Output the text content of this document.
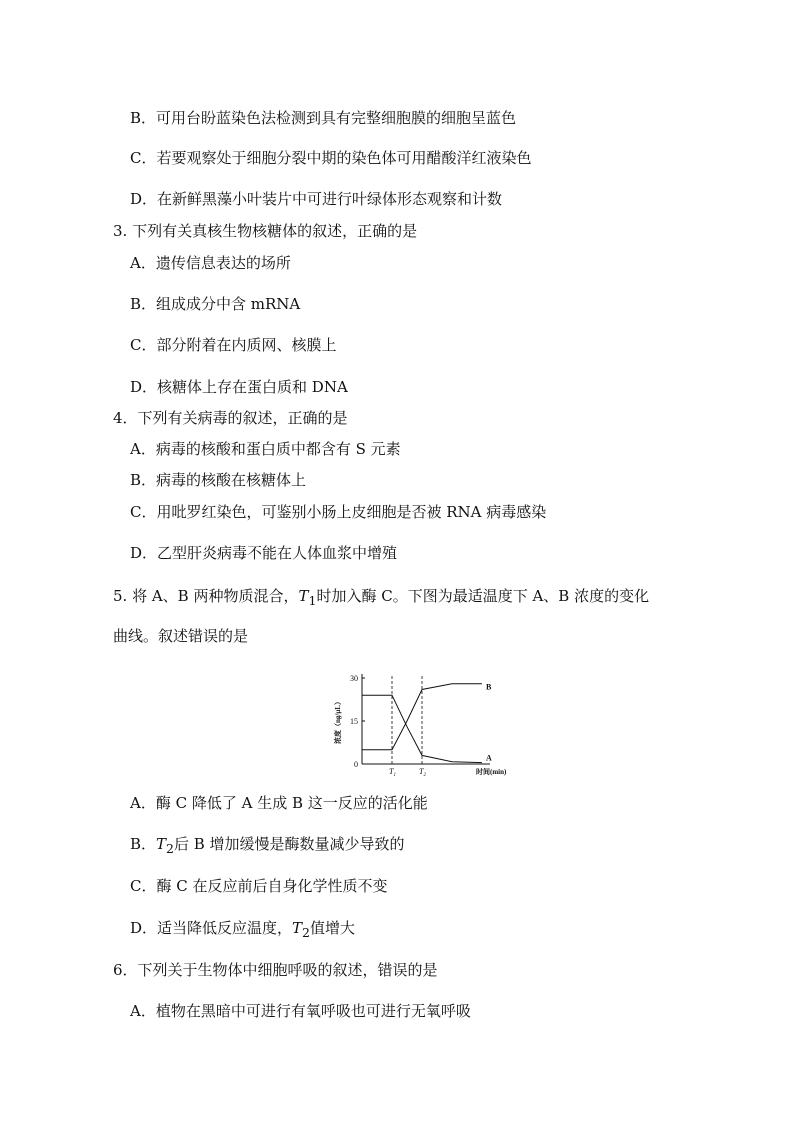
B．可用台盼蓝染色法检测到具有完整细胞膜的细胞呈蓝色
C．若要观察处于细胞分裂中期的染色体可用醋酸洋红液染色
D．在新鲜黑藻小叶装片中可进行叶绿体形态观察和计数
3. 下列有关真核生物核糖体的叙述，正确的是
A．遗传信息表达的场所
B．组成成分中含 mRNA
C．部分附着在内质网、核膜上
D．核糖体上存在蛋白质和 DNA
4．下列有关病毒的叙述，正确的是
A．病毒的核酸和蛋白质中都含有 S 元素
B．病毒的核酸在核糖体上
C．用吡罗红染色，可鉴别小肠上皮细胞是否被 RNA 病毒感染
D．乙型肝炎病毒不能在人体血浆中增殖
5. 将 A、B 两种物质混合，$T_1$时加入酶 C。下图为最适温度下 A、B 浓度的变化
曲线。叙述错误的是
0
15
30
$T_1$	$T_2$
A
B
时间(min)
浓度（ng/μL）
A．酶 C 降低了 A 生成 B 这一反应的活化能
B．$T_2$后 B 增加缓慢是酶数量减少导致的
C．酶 C 在反应前后自身化学性质不变
D．适当降低反应温度，$T_2$值增大
6．下列关于生物体中细胞呼吸的叙述，错误的是
A．植物在黑暗中可进行有氧呼吸也可进行无氧呼吸
